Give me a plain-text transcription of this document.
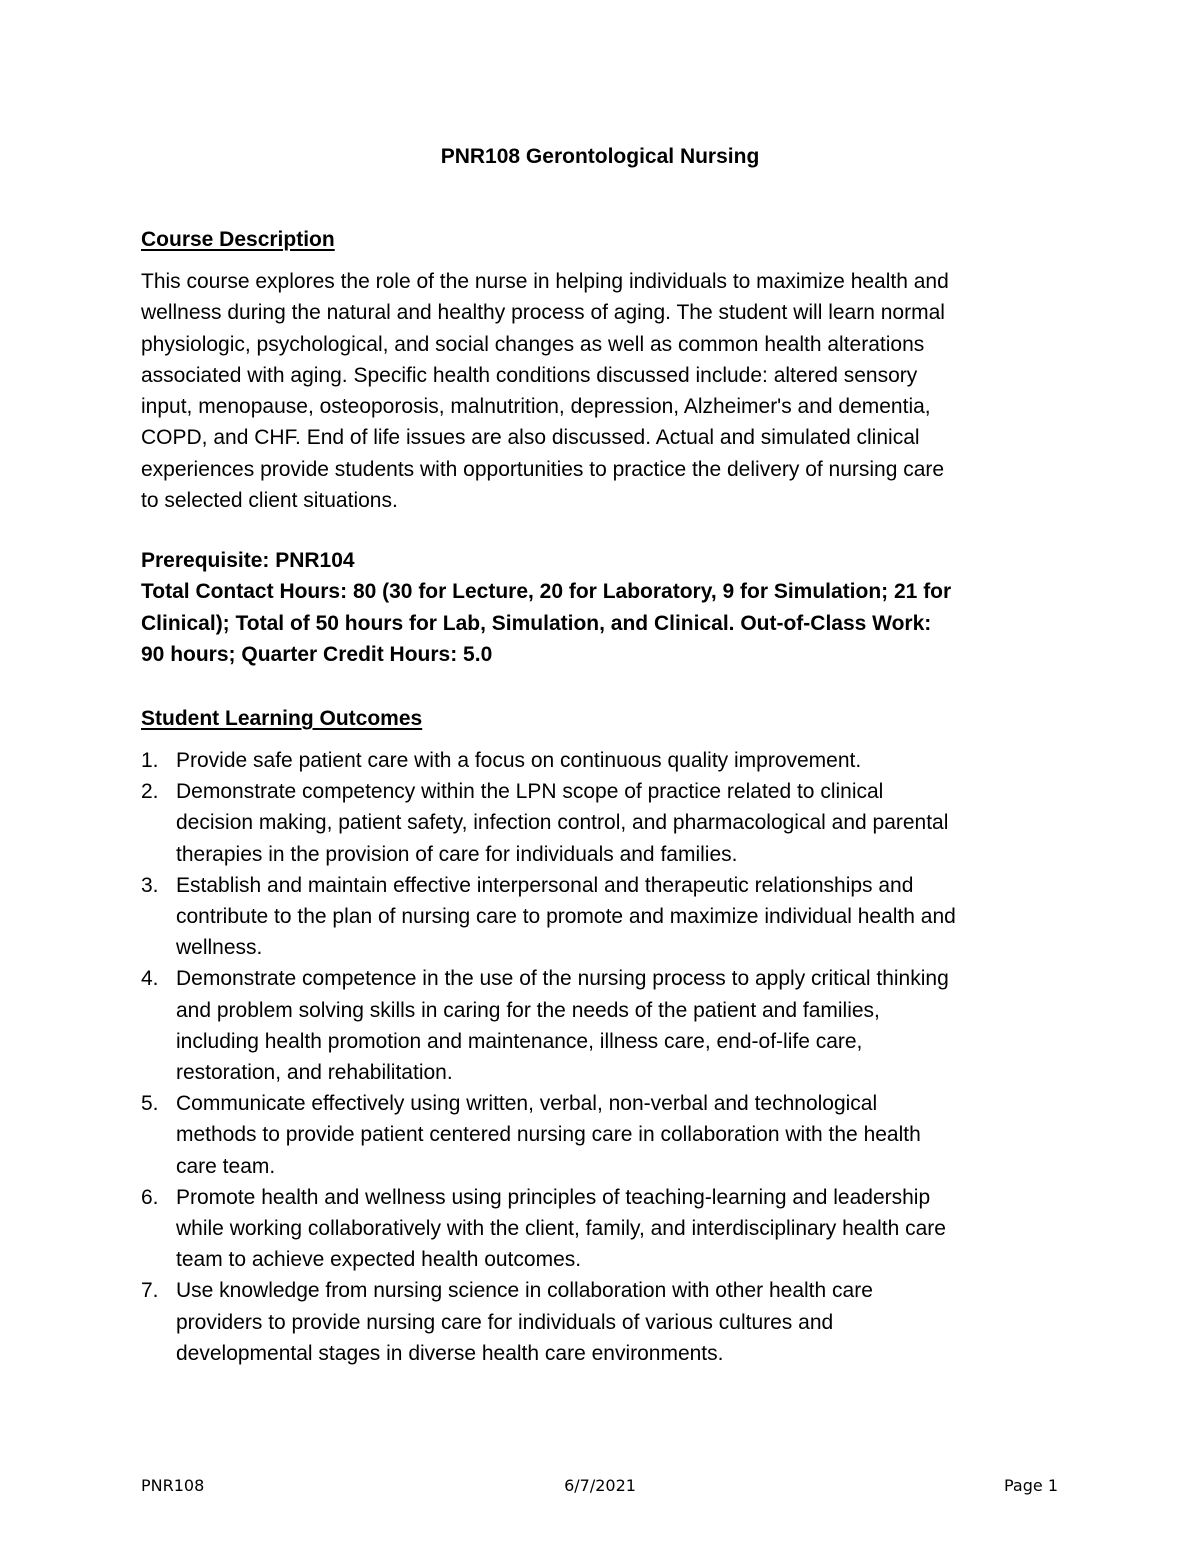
PNR108 Gerontological Nursing
Course Description
This course explores the role of the nurse in helping individuals to maximize health and
wellness during the natural and healthy process of aging. The student will learn normal
physiologic, psychological, and social changes as well as common health alterations
associated with aging. Specific health conditions discussed include: altered sensory
input, menopause, osteoporosis, malnutrition, depression, Alzheimer's and dementia,
COPD, and CHF. End of life issues are also discussed. Actual and simulated clinical
experiences provide students with opportunities to practice the delivery of nursing care
to selected client situations.
Prerequisite: PNR104
Total Contact Hours: 80 (30 for Lecture, 20 for Laboratory, 9 for Simulation; 21 for
Clinical); Total of 50 hours for Lab, Simulation, and Clinical. Out-of-Class Work:
90 hours; Quarter Credit Hours: 5.0
Student Learning Outcomes
1. Provide safe patient care with a focus on continuous quality improvement.
2. Demonstrate competency within the LPN scope of practice related to clinical
decision making, patient safety, infection control, and pharmacological and parental
therapies in the provision of care for individuals and families.
3. Establish and maintain effective interpersonal and therapeutic relationships and
contribute to the plan of nursing care to promote and maximize individual health and
wellness.
4. Demonstrate competence in the use of the nursing process to apply critical thinking
and problem solving skills in caring for the needs of the patient and families,
including health promotion and maintenance, illness care, end-of-life care,
restoration, and rehabilitation.
5. Communicate effectively using written, verbal, non-verbal and technological
methods to provide patient centered nursing care in collaboration with the health
care team.
6. Promote health and wellness using principles of teaching-learning and leadership
while working collaboratively with the client, family, and interdisciplinary health care
team to achieve expected health outcomes.
7. Use knowledge from nursing science in collaboration with other health care
providers to provide nursing care for individuals of various cultures and
developmental stages in diverse health care environments.
PNR108	6/7/2021	Page 1
